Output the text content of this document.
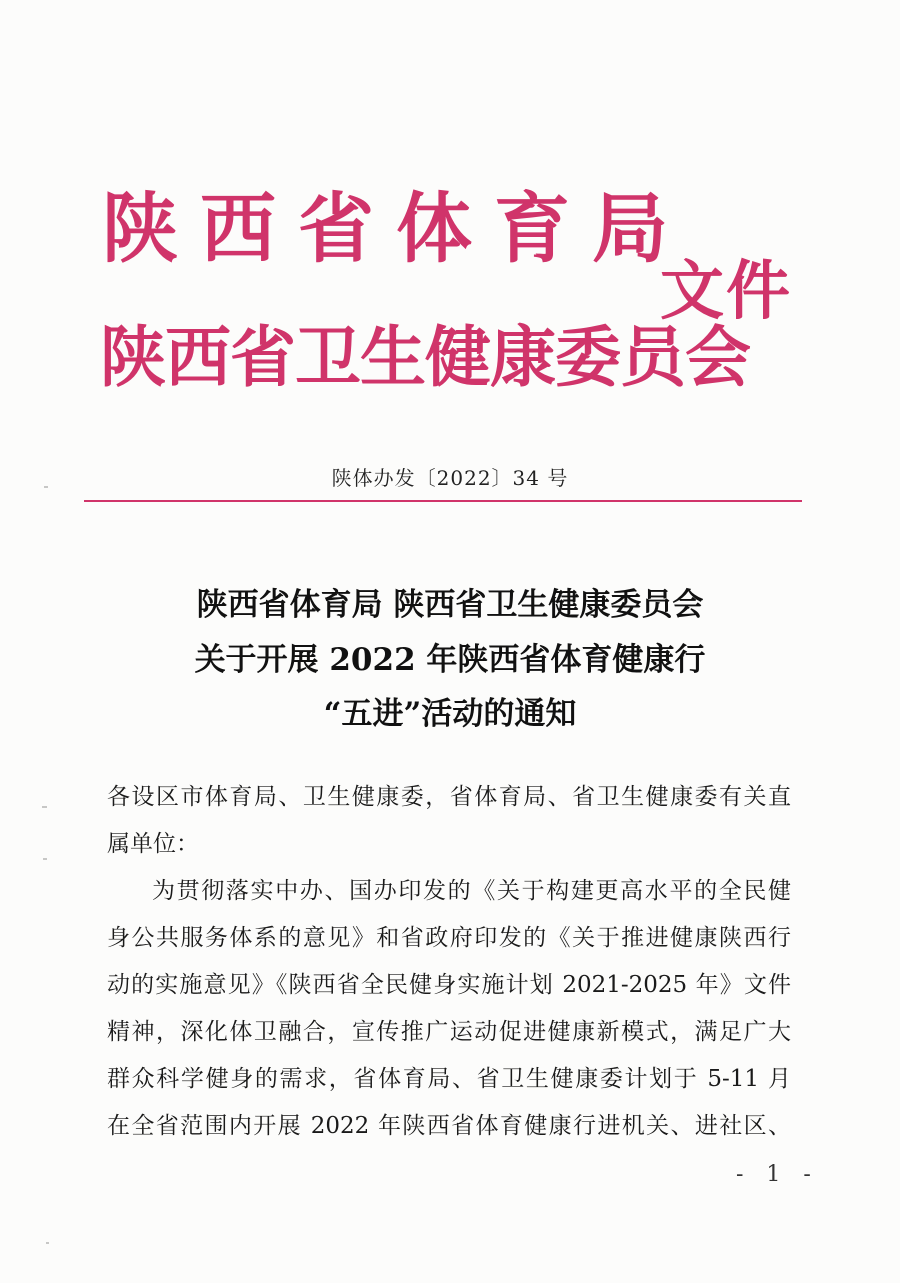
陕西省体育局
陕西省卫生健康委员会
文件
陕体办发〔2022〕34 号
陕西省体育局 陕西省卫生健康委员会
关于开展 2022 年陕西省体育健康行
“五进”活动的通知
各设区市体育局、卫生健康委，省体育局、省卫生健康委有关直
属单位：
为贯彻落实中办、国办印发的《关于构建更高水平的全民健
身公共服务体系的意见》和省政府印发的《关于推进健康陕西行
动的实施意见》《陕西省全民健身实施计划 2021-2025 年》文件
精神，深化体卫融合，宣传推广运动促进健康新模式，满足广大
群众科学健身的需求，省体育局、省卫生健康委计划于 5-11 月
在全省范围内开展 2022 年陕西省体育健康行进机关、进社区、
- 1 -
